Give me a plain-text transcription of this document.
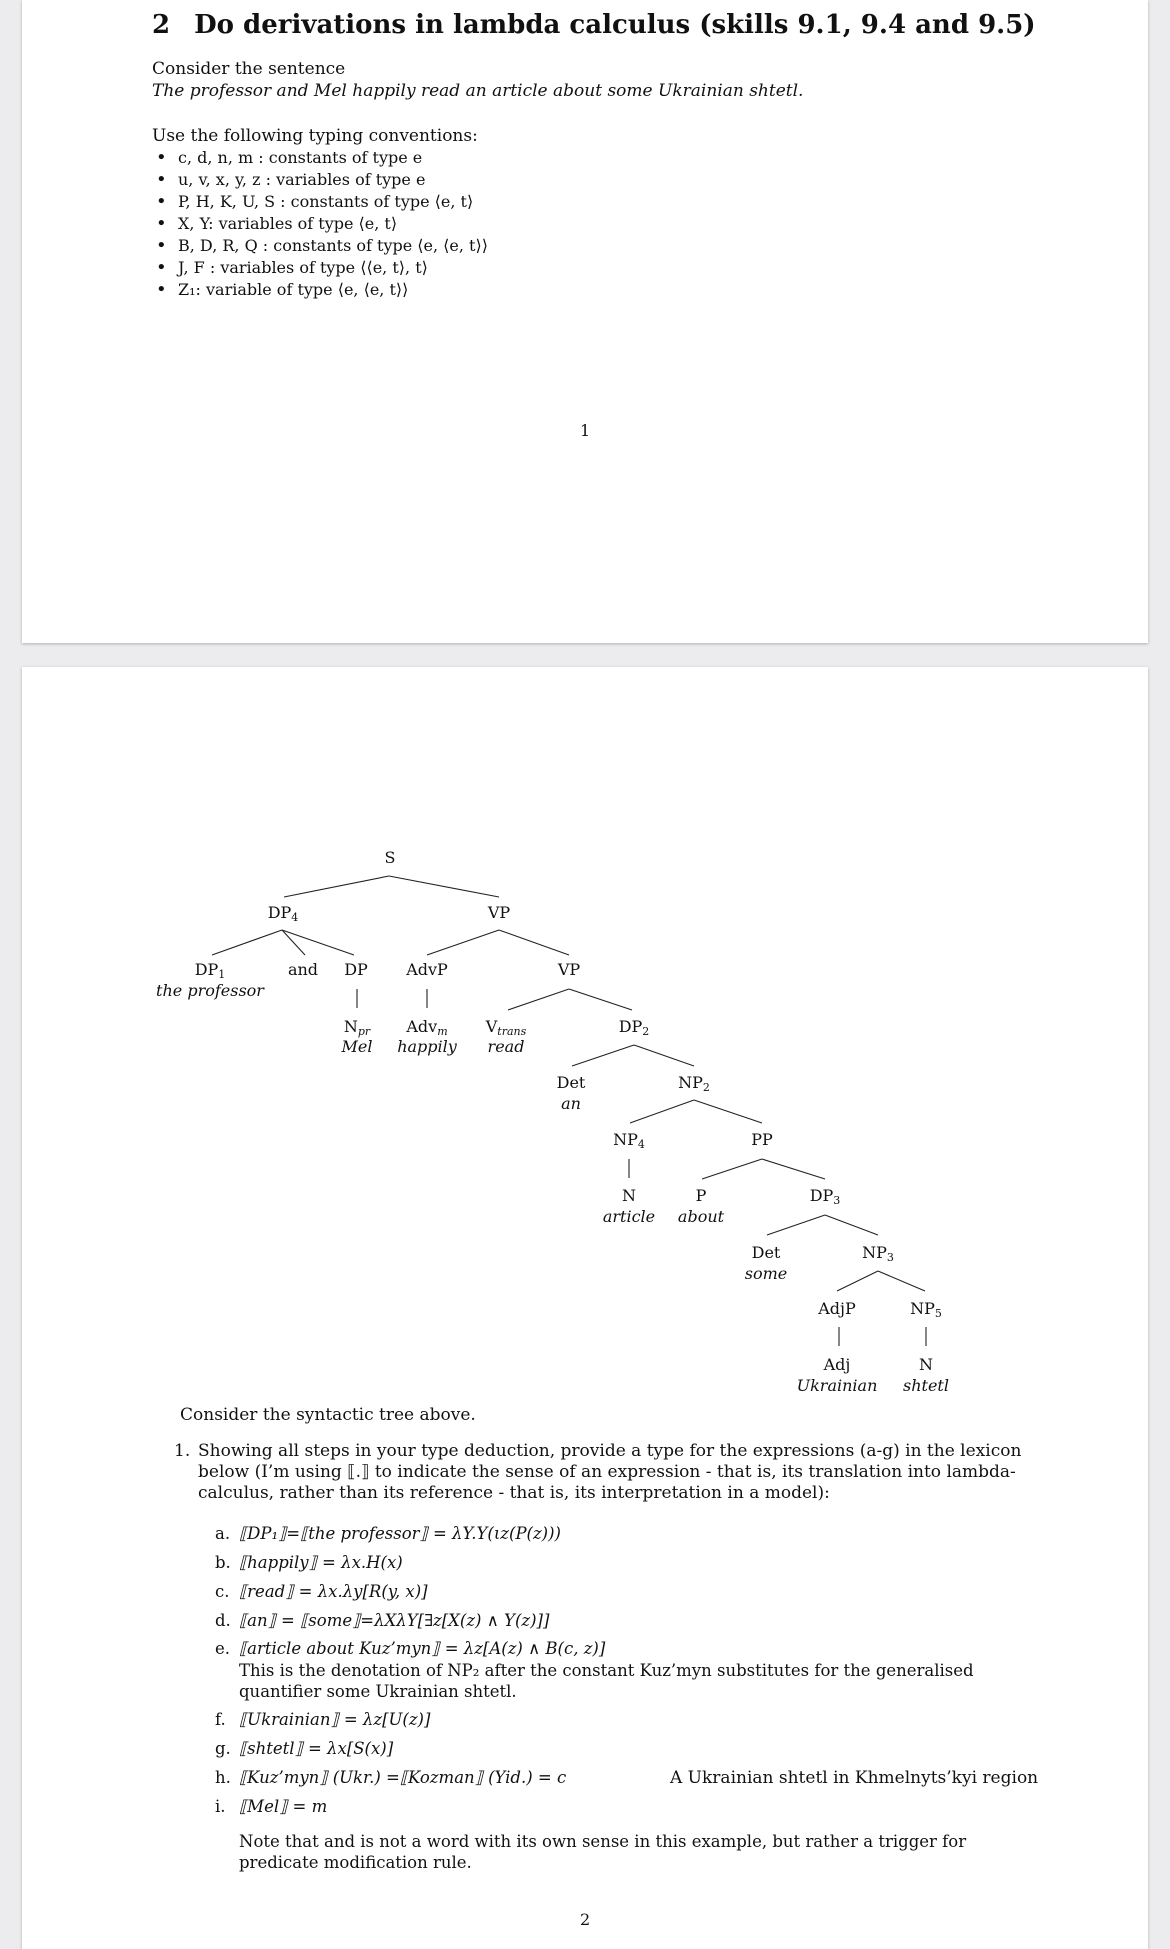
2 Do derivations in lambda calculus (skills 9.1, 9.4 and 9.5)
Consider the sentence
The professor and Mel happily read an article about some Ukrainian shtetl.
Use the following typing conventions:
• c, d, n, m : constants of type e
• u, v, x, y, z : variables of type e
• P, H, K, U, S : constants of type ⟨e, t⟩
• X, Y: variables of type ⟨e, t⟩
• B, D, R, Q : constants of type ⟨e, ⟨e, t⟩⟩
• J, F : variables of type ⟨⟨e, t⟩, t⟩
• Z₁: variable of type ⟨e, ⟨e, t⟩⟩
1
S
$DP_4$	VP
$DP_1$
the professor
and DP AdvP	VP
$N_{pr}$
Mel
Adv$_m$
happily
$V_{trans}$
read
$DP_2$
Det
an
$NP_2$
$NP_4$	PP
N
article
P
about
$DP_3$
Det
some
$NP_3$
AdjP	$NP_5$
Adj
Ukrainian
N
shtetl
Consider the syntactic tree above.
1. Showing all steps in your type deduction, provide a type for the expressions (a-g) in the lexicon below (I’m using ⟦.⟧ to indicate the sense of an expression - that is, its translation into lambda-calculus, rather than its reference - that is, its interpretation in a model):
a. ⟦DP₁⟧=⟦the professor⟧ = λY.Y(ιz(P(z)))
b. ⟦happily⟧ = λx.H(x)
c. ⟦read⟧ = λx.λy[R(y, x)]
d. ⟦an⟧ = ⟦some⟧=λXλY[∃z[X(z) ∧ Y(z)]]
e. ⟦article about Kuz’myn⟧ = λz[A(z) ∧ B(c, z)]
This is the denotation of NP₂ after the constant Kuz’myn substitutes for the generalised quantifier some Ukrainian shtetl.
f. ⟦Ukrainian⟧ = λz[U(z)]
g. ⟦shtetl⟧ = λx[S(x)]
h. ⟦Kuz’myn⟧ (Ukr.) =⟦Kozman⟧ (Yid.) = c	A Ukrainian shtetl in Khmelnyts’kyi region
i. ⟦Mel⟧ = m
Note that and is not a word with its own sense in this example, but rather a trigger for predicate modification rule.
2
